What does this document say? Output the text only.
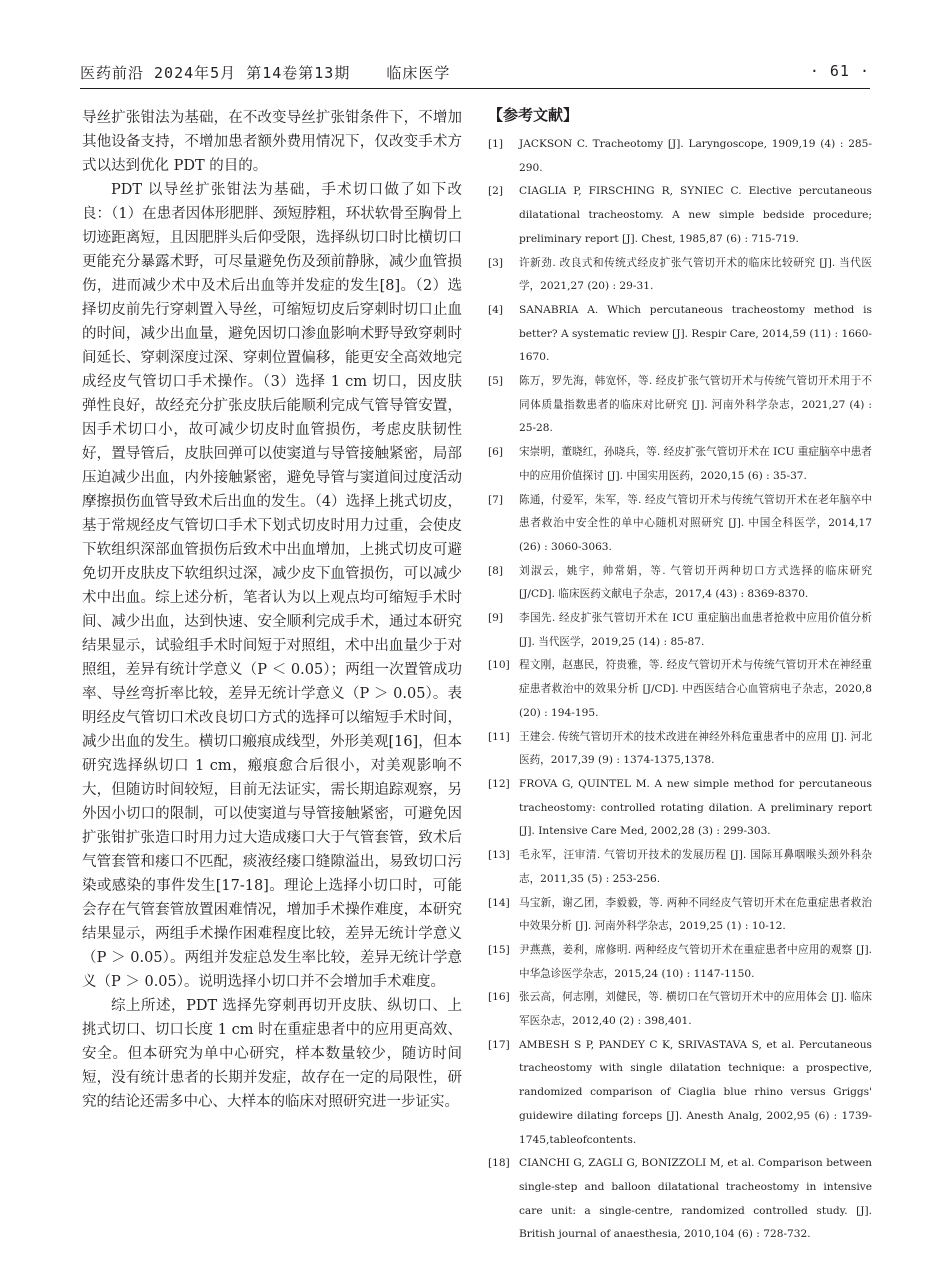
医药前沿 2024年5月 第14卷第13期 临床医学	· 61 ·

导丝扩张钳法为基础，在不改变导丝扩张钳条件下，不增加其他设备支持，不增加患者额外费用情况下，仅改变手术方式以达到优化 PDT 的目的。

PDT 以导丝扩张钳法为基础，手术切口做了如下改良：（1）在患者因体形肥胖、颈短脖粗，环状软骨至胸骨上切迹距离短，且因肥胖头后仰受限，选择纵切口时比横切口更能充分暴露术野，可尽量避免伤及颈前静脉，减少血管损伤，进而减少术中及术后出血等并发症的发生[8]。（2）选择切皮前先行穿刺置入导丝，可缩短切皮后穿刺时切口止血的时间，减少出血量，避免因切口渗血影响术野导致穿刺时间延长、穿刺深度过深、穿刺位置偏移，能更安全高效地完成经皮气管切口手术操作。（3）选择 1 cm 切口，因皮肤弹性良好，故经充分扩张皮肤后能顺利完成气管导管安置，因手术切口小，故可减少切皮时血管损伤，考虑皮肤韧性好，置导管后，皮肤回弹可以使窦道与导管接触紧密，局部压迫减少出血，内外接触紧密，避免导管与窦道间过度活动摩擦损伤血管导致术后出血的发生。（4）选择上挑式切皮，基于常规经皮气管切口手术下划式切皮时用力过重，会使皮下软组织深部血管损伤后致术中出血增加，上挑式切皮可避免切开皮肤皮下软组织过深，减少皮下血管损伤，可以减少术中出血。综上述分析，笔者认为以上观点均可缩短手术时间、减少出血，达到快速、安全顺利完成手术，通过本研究结果显示，试验组手术时间短于对照组，术中出血量少于对照组，差异有统计学意义（P ＜ 0.05）；两组一次置管成功率、导丝弯折率比较，差异无统计学意义（P ＞ 0.05）。表明经皮气管切口术改良切口方式的选择可以缩短手术时间，减少出血的发生。横切口瘢痕成线型，外形美观[16]，但本研究选择纵切口 1 cm，瘢痕愈合后很小，对美观影响不大，但随访时间较短，目前无法证实，需长期追踪观察，另外因小切口的限制，可以使窦道与导管接触紧密，可避免因扩张钳扩张造口时用力过大造成瘘口大于气管套管，致术后气管套管和瘘口不匹配，痰液经瘘口缝隙溢出，易致切口污染或感染的事件发生[17-18]。理论上选择小切口时，可能会存在气管套管放置困难情况，增加手术操作难度，本研究结果显示，两组手术操作困难程度比较，差异无统计学意义（P ＞ 0.05）。两组并发症总发生率比较，差异无统计学意义（P ＞ 0.05）。说明选择小切口并不会增加手术难度。

综上所述，PDT 选择先穿刺再切开皮肤、纵切口、上挑式切口、切口长度 1 cm 时在重症患者中的应用更高效、安全。但本研究为单中心研究，样本数量较少，随访时间短，没有统计患者的长期并发症，故存在一定的局限性，研究的结论还需多中心、大样本的临床对照研究进一步证实。

【参考文献】
[1] JACKSON C. Tracheotomy [J]. Laryngoscope, 1909,19 (4) : 285-290.
[2] CIAGLIA P, FIRSCHING R, SYNIEC C. Elective percutaneous dilatational tracheostomy. A new simple bedside procedure; preliminary report [J]. Chest, 1985,87 (6) : 715-719.
[3] 许新劲. 改良式和传统式经皮扩张气管切开术的临床比较研究 [J]. 当代医学，2021,27 (20) : 29-31.
[4] SANABRIA A. Which percutaneous tracheostomy method is better? A systematic review [J]. Respir Care, 2014,59 (11) : 1660-1670.
[5] 陈万，罗先海，韩宽怀，等. 经皮扩张气管切开术与传统气管切开术用于不同体质量指数患者的临床对比研究 [J]. 河南外科学杂志，2021,27 (4) : 25-28.
[6] 宋崇明，董晓红，孙晓兵，等. 经皮扩张气管切开术在 ICU 重症脑卒中患者中的应用价值探讨 [J]. 中国实用医药，2020,15 (6) : 35-37.
[7] 陈通，付爱军，朱军，等. 经皮气管切开术与传统气管切开术在老年脑卒中患者救治中安全性的单中心随机对照研究 [J]. 中国全科医学，2014,17 (26) : 3060-3063.
[8] 刘淑云，姚宇，帅常娟，等. 气管切开两种切口方式选择的临床研究 [J/CD]. 临床医药文献电子杂志，2017,4 (43) : 8369-8370.
[9] 李国先. 经皮扩张气管切开术在 ICU 重症脑出血患者抢救中应用价值分析 [J]. 当代医学，2019,25 (14) : 85-87.
[10] 程文刚，赵惠民，符贵雅，等. 经皮气管切开术与传统气管切开术在神经重症患者救治中的效果分析 [J/CD]. 中西医结合心血管病电子杂志，2020,8 (20) : 194-195.
[11] 王建会. 传统气管切开术的技术改进在神经外科危重患者中的应用 [J]. 河北医药，2017,39 (9) : 1374-1375,1378.
[12] FROVA G, QUINTEL M. A new simple method for percutaneous tracheostomy: controlled rotating dilation. A preliminary report [J]. Intensive Care Med, 2002,28 (3) : 299-303.
[13] 毛永军，汪审清. 气管切开技术的发展历程 [J]. 国际耳鼻咽喉头颈外科杂志，2011,35 (5) : 253-256.
[14] 马宝新，谢乙团，李毅毅，等. 两种不同经皮气管切开术在危重症患者救治中效果分析 [J]. 河南外科学杂志，2019,25 (1) : 10-12.
[15] 尹燕燕，姜利，席修明. 两种经皮气管切开术在重症患者中应用的观察 [J]. 中华急诊医学杂志，2015,24 (10) : 1147-1150.
[16] 张云高，何志刚，刘健民，等. 横切口在气管切开术中的应用体会 [J]. 临床军医杂志，2012,40 (2) : 398,401.
[17] AMBESH S P, PANDEY C K, SRIVASTAVA S, et al. Percutaneous tracheostomy with single dilatation technique: a prospective, randomized comparison of Ciaglia blue rhino versus Griggs' guidewire dilating forceps [J]. Anesth Analg, 2002,95 (6) : 1739-1745,tableofcontents.
[18] CIANCHI G, ZAGLI G, BONIZZOLI M, et al. Comparison between single-step and balloon dilatational tracheostomy in intensive care unit: a single-centre, randomized controlled study. [J]. British journal of anaesthesia, 2010,104 (6) : 728-732.
